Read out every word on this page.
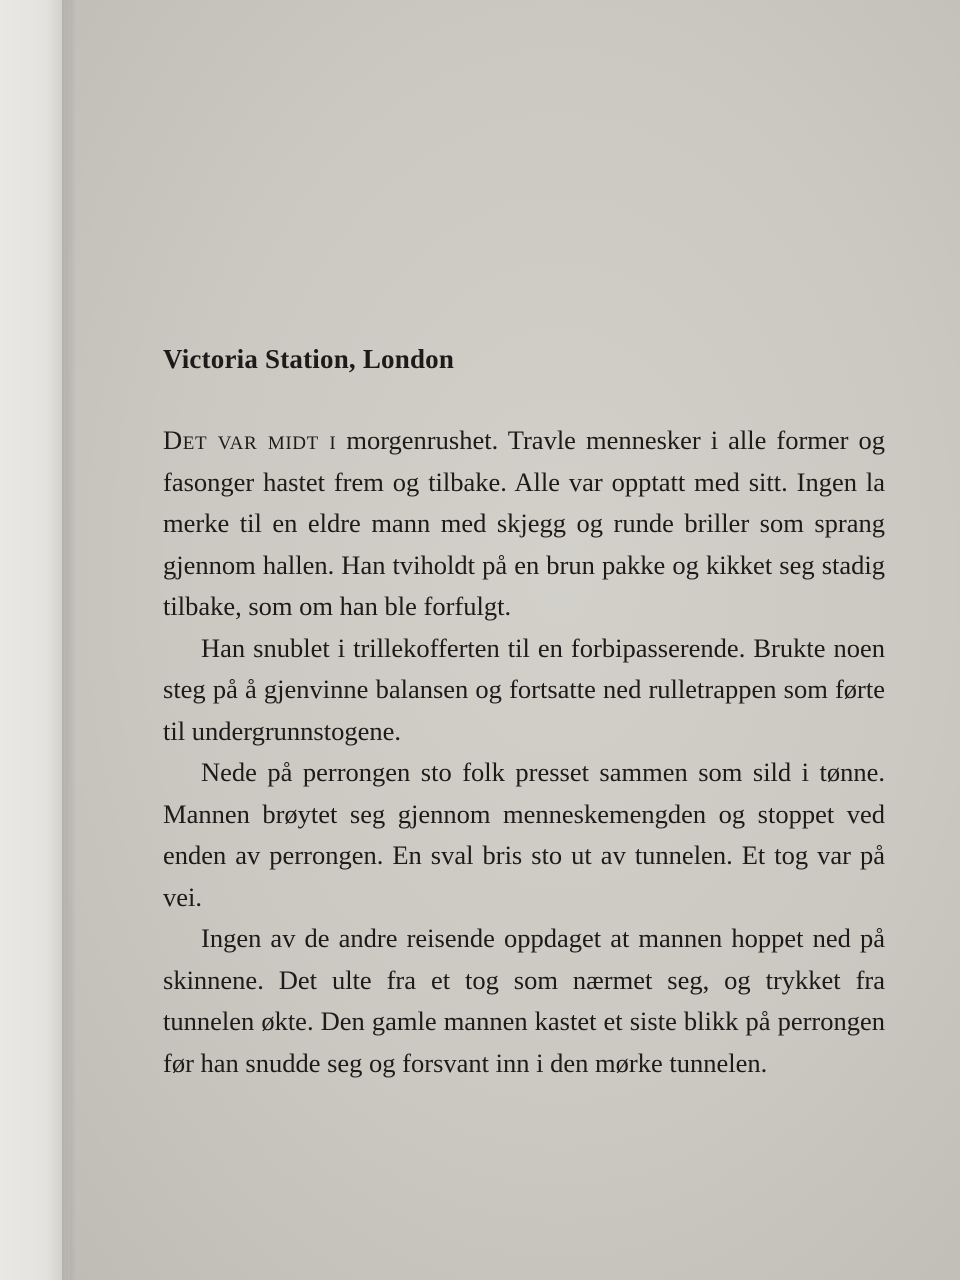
Victoria Station, London

Det var midt i morgenrushet. Travle mennesker i alle former og fasonger hastet frem og tilbake. Alle var opptatt med sitt. Ingen la merke til en eldre mann med skjegg og runde briller som sprang gjennom hallen. Han tviholdt på en brun pakke og kikket seg stadig tilbake, som om han ble forfulgt.

Han snublet i trillekofferten til en forbipasserende. Brukte noen steg på å gjenvinne balansen og fortsatte ned rulletrappen som førte til undergrunnstogene.

Nede på perrongen sto folk presset sammen som sild i tønne. Mannen brøytet seg gjennom menneskemengden og stoppet ved enden av perrongen. En sval bris sto ut av tunnelen. Et tog var på vei.

Ingen av de andre reisende oppdaget at mannen hoppet ned på skinnene. Det ulte fra et tog som nærmet seg, og trykket fra tunnelen økte. Den gamle mannen kastet et siste blikk på perrongen før han snudde seg og forsvant inn i den mørke tunnelen.
